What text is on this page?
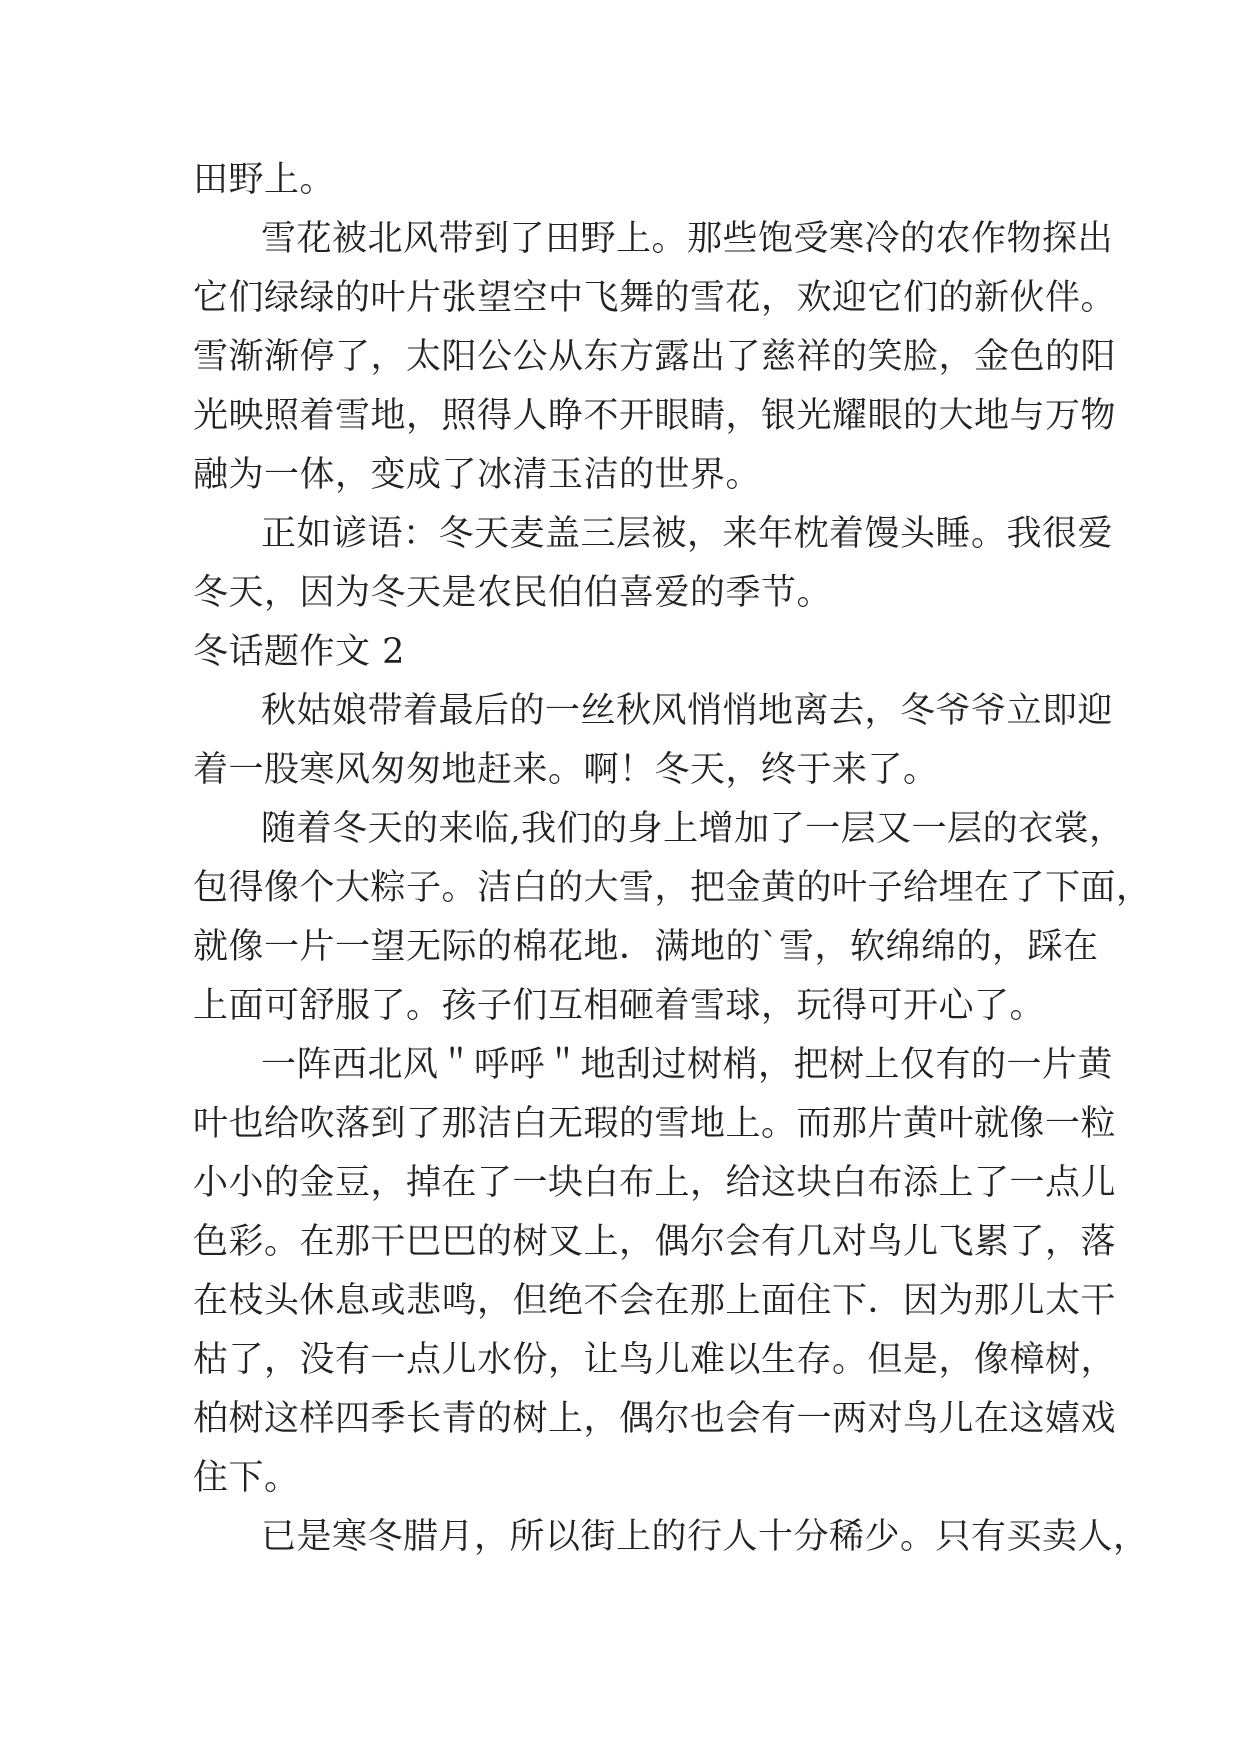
田野上。
雪花被北风带到了田野上。那些饱受寒冷的农作物探出
它们绿绿的叶片张望空中飞舞的雪花，欢迎它们的新伙伴。
雪渐渐停了，太阳公公从东方露出了慈祥的笑脸，金色的阳
光映照着雪地，照得人睁不开眼睛，银光耀眼的大地与万物
融为一体，变成了冰清玉洁的世界。
正如谚语：冬天麦盖三层被，来年枕着馒头睡。我很爱
冬天，因为冬天是农民伯伯喜爱的季节。
冬话题作文 2
秋姑娘带着最后的一丝秋风悄悄地离去，冬爷爷立即迎
着一股寒风匆匆地赶来。啊！冬天，终于来了。
随着冬天的来临,我们的身上增加了一层又一层的衣裳，
包得像个大粽子。洁白的大雪，把金黄的叶子给埋在了下面，
就像一片一望无际的棉花地．满地的`雪，软绵绵的，踩在
上面可舒服了。孩子们互相砸着雪球，玩得可开心了。
一阵西北风＂呼呼＂地刮过树梢，把树上仅有的一片黄
叶也给吹落到了那洁白无瑕的雪地上。而那片黄叶就像一粒
小小的金豆，掉在了一块白布上，给这块白布添上了一点儿
色彩。在那干巴巴的树叉上，偶尔会有几对鸟儿飞累了，落
在枝头休息或悲鸣，但绝不会在那上面住下．因为那儿太干
枯了，没有一点儿水份，让鸟儿难以生存。但是，像樟树，
柏树这样四季长青的树上，偶尔也会有一两对鸟儿在这嬉戏
住下。
已是寒冬腊月，所以街上的行人十分稀少。只有买卖人，
